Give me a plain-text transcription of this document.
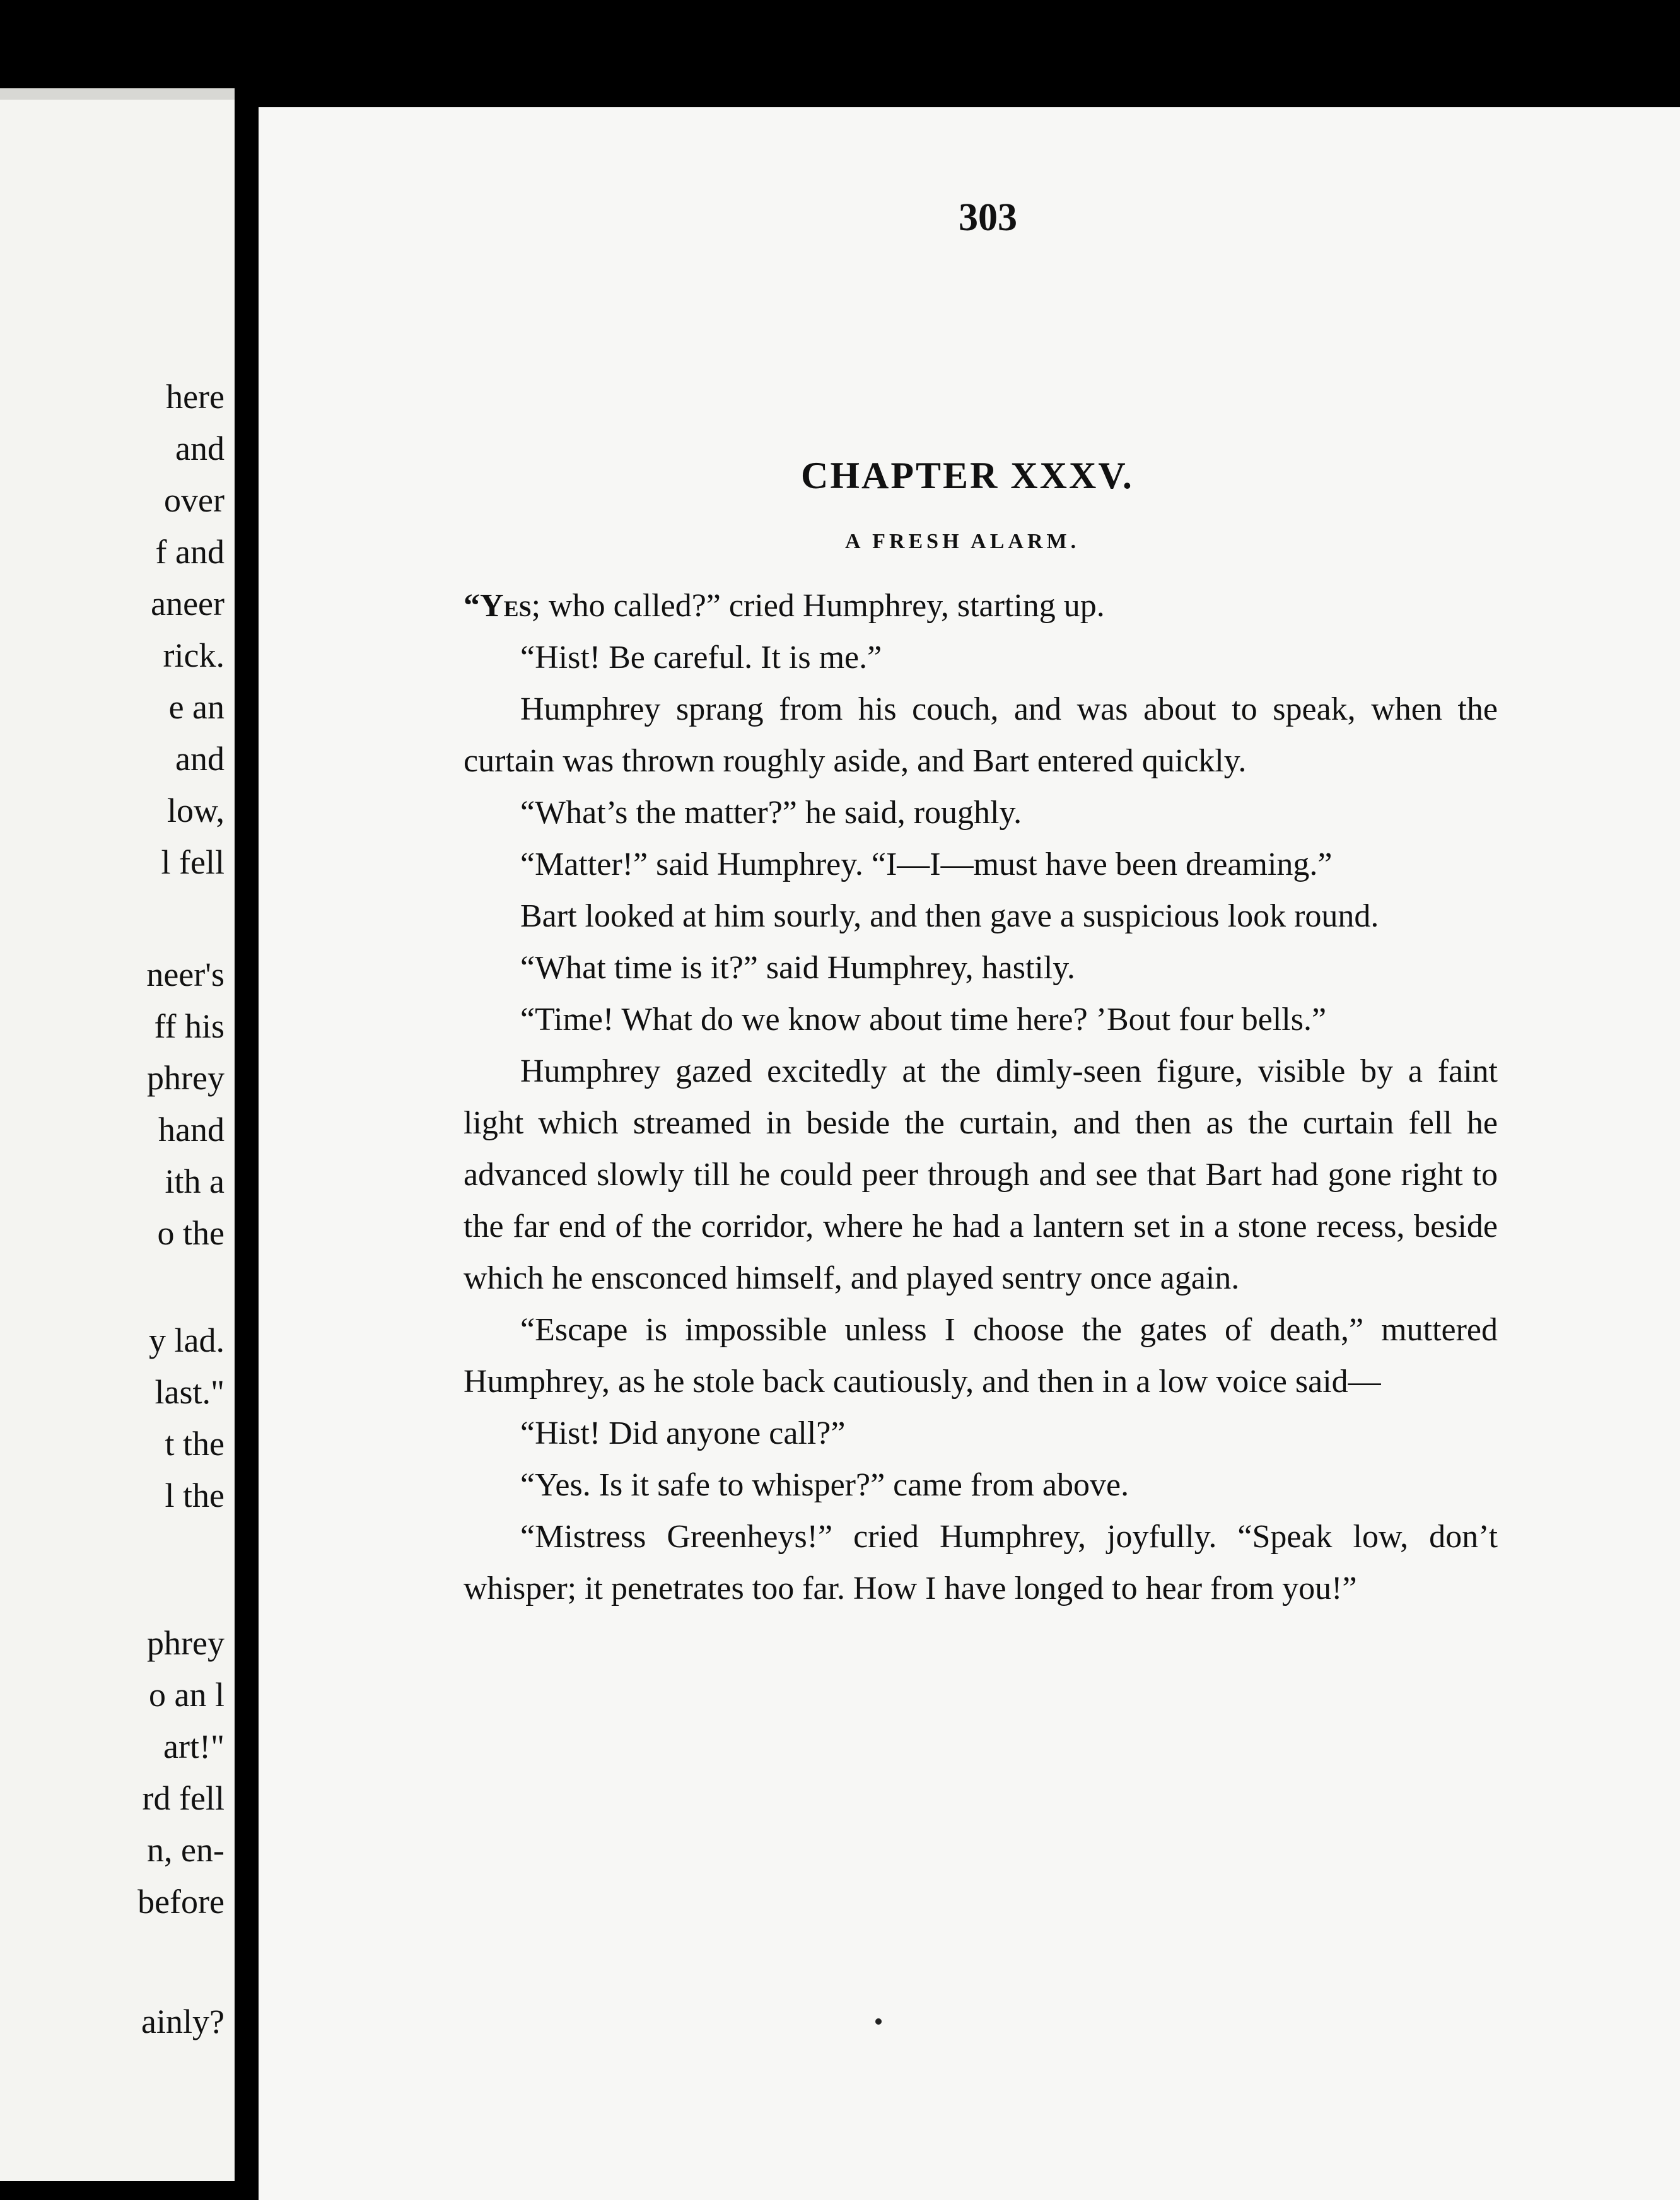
here
and
over
f and
aneer
rick.
e an
and
low,
l fell
neer's
ff his
phrey
hand
ith a
o the
y lad.
last."
t the
l the
phrey
o an l
art!"
rd fell
n, en-
before
ainly?
303
CHAPTER XXXV.
A FRESH ALARM.

“Yes; who called?” cried Humphrey, starting up.

“Hist! Be careful. It is me.”

Humphrey sprang from his couch, and was about to speak, when the curtain was thrown roughly aside, and Bart entered quickly.

“What’s the matter?” he said, roughly.

“Matter!” said Humphrey. “I—I—must have been dreaming.”

Bart looked at him sourly, and then gave a suspicious look round.

“What time is it?” said Humphrey, hastily.

“Time! What do we know about time here? ’Bout four bells.”

Humphrey gazed excitedly at the dimly-seen figure, visible by a faint light which streamed in beside the curtain, and then as the curtain fell he advanced slowly till he could peer through and see that Bart had gone right to the far end of the corridor, where he had a lantern set in a stone recess, beside which he ensconced himself, and played sentry once again.

“Escape is impossible unless I choose the gates of death,” muttered Humphrey, as he stole back cautiously, and then in a low voice said—

“Hist! Did anyone call?”

“Yes. Is it safe to whisper?” came from above.

“Mistress Greenheys!” cried Humphrey, joyfully. “Speak low, don’t whisper; it penetrates too far. How I have longed to hear from you!”
